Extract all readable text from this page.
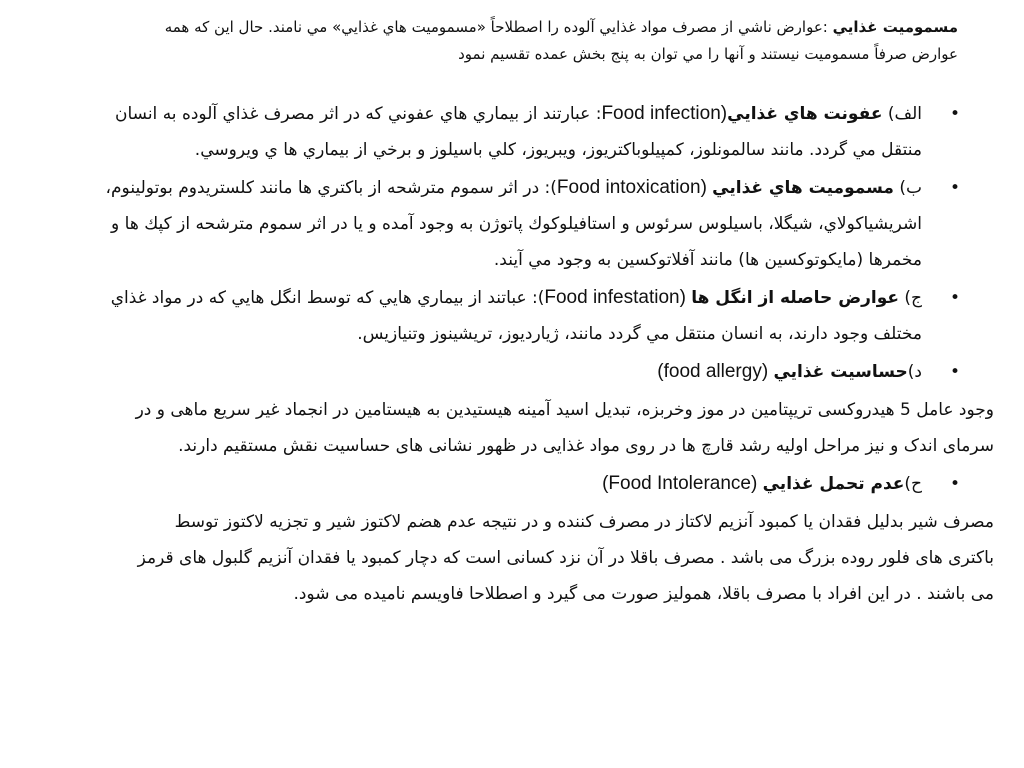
مسموميت غذايي :عوارض ناشي از مصرف مواد غذايي آلوده را اصطلاحاً «مسموميت هاي غذايي» مي نامند. حال اين که همه
عوارض صرفاً مسموميت نيستند و آنها را مي توان به پنج بخش عمده تقسيم نمود
•
الف) عفونت هاي غذايي(Food infection: عبارتند از بيماري هاي عفوني كه در اثر مصرف غذاي آلوده به انسان منتقل مي گردد. مانند سالمونلوز، كمپيلوباكتريوز، ويبريوز، كلي باسيلوز و برخي از بيماري ها ي ويروسي.
•
ب) مسموميت هاي غذايي (Food intoxication): در اثر سموم مترشحه از باكتري ها مانند كلستريدوم بوتولينوم، اشريشياكولاي، شيگلا، باسيلوس سرئوس و استافيلوكوك پاتوژن به وجود آمده و يا در اثر سموم مترشحه از كپك ها و مخمرها (مايكوتوكسين ها) مانند آفلاتوكسين به وجود مي آيند.
•
ج) عوارض حاصله از انگل ها (Food infestation): عباتند از بيماري هايي كه توسط انگل هايي كه در مواد غذاي مختلف وجود دارند، به انسان منتقل مي گردد مانند، ژيارديوز، تريشينوز وتنيازيس.
•
د)حساسيت غذايي (food allergy)

وجود عامل 5 هیدروکسی تریپتامین در موز وخربزه، تبدیل اسید آمینه هیستیدین به هیستامین در انجماد غیر سریع ماهی و در سرمای اندک و نیز مراحل اولیه رشد قارچ ها در روی مواد غذایی در ظهور نشانی های حساسیت نقش مستقیم دارند.

•
ح)عدم تحمل غذايي (Food Intolerance)

مصرف شیر بدلیل فقدان یا کمبود آنزیم لاکتاز در مصرف کننده و در نتیجه عدم هضم لاکتوز شیر و تجزیه لاکتوز توسط باکتری های فلور روده بزرگ می باشد . مصرف باقلا در آن نزد کسانی است که دچار کمبود یا فقدان آنزیم گلبول های قرمز می باشند . در این افراد با مصرف باقلا، همولیز صورت می گیرد و اصطلاحا فاویسم نامیده می شود.
